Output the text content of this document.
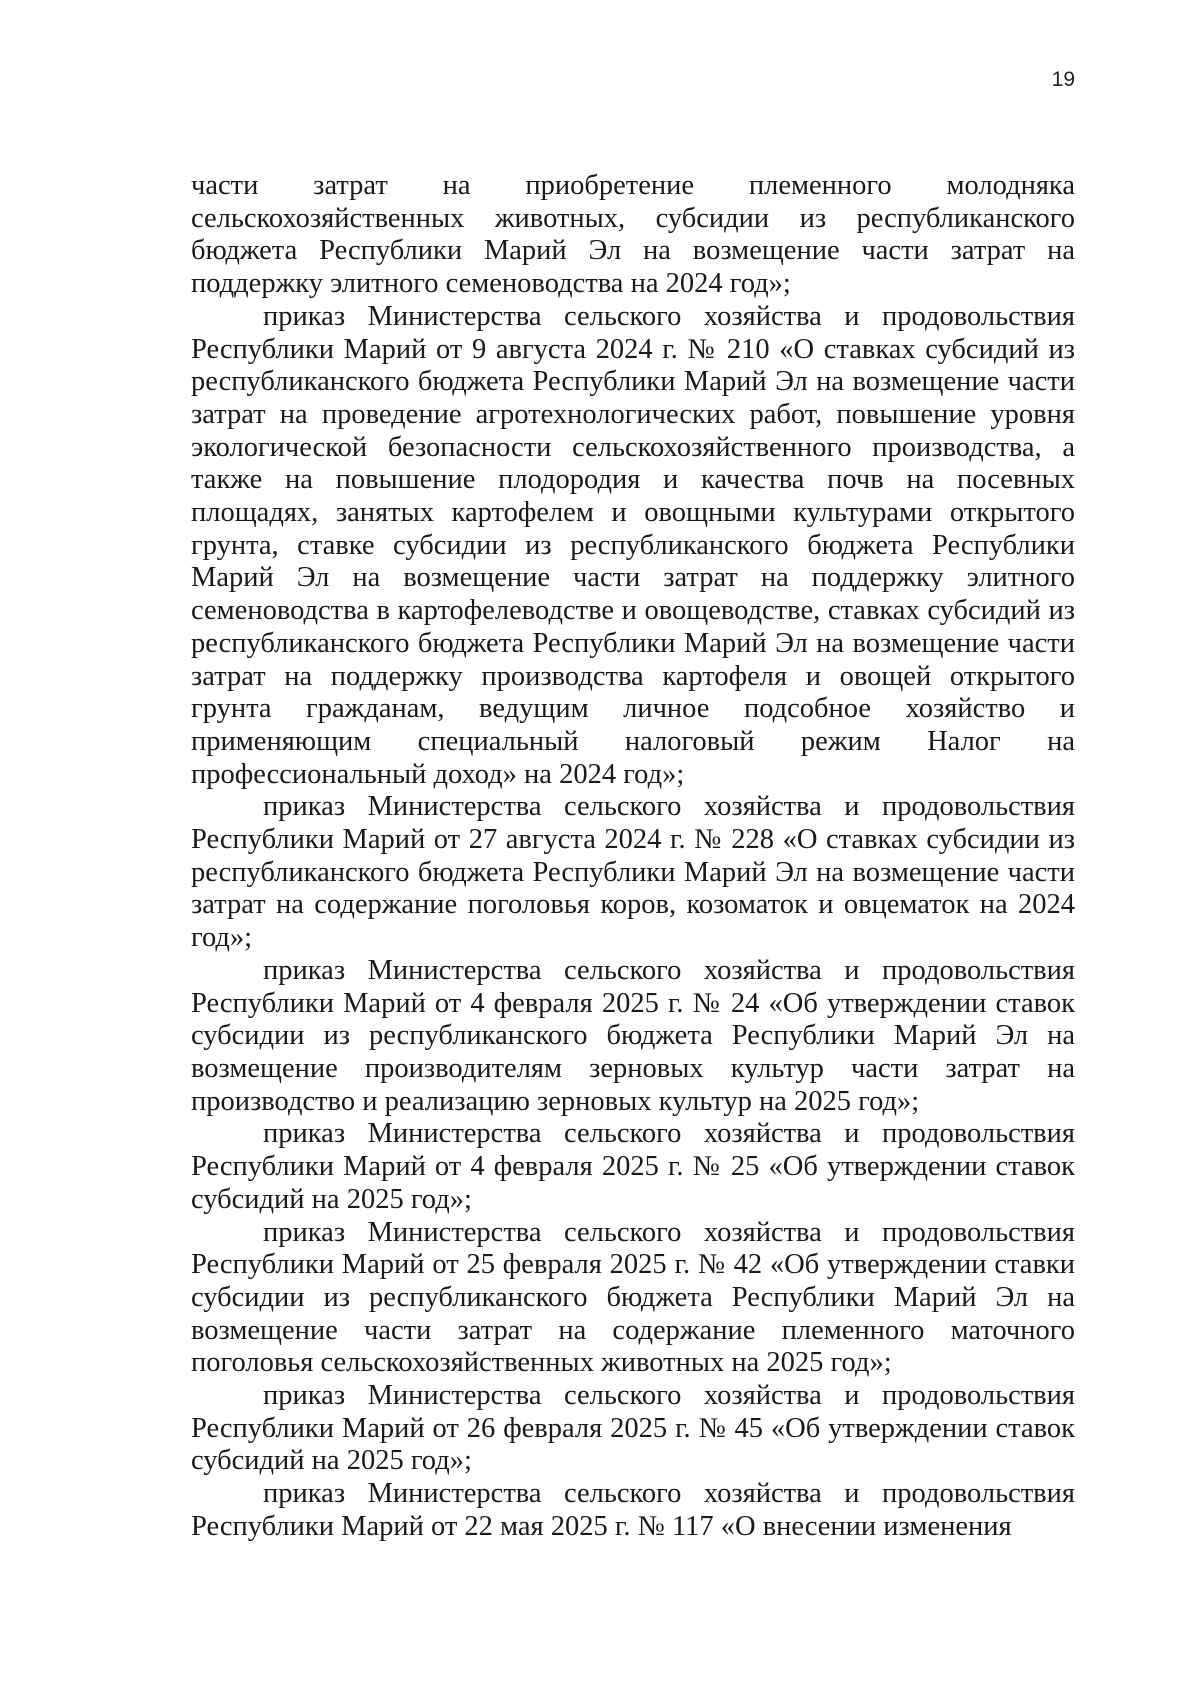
19

части затрат на приобретение племенного молодняка сельскохозяйственных животных, субсидии из республиканского бюджета Республики Марий Эл на возмещение части затрат на поддержку элитного семеноводства на 2024 год»;

приказ Министерства сельского хозяйства и продовольствия Республики Марий от 9 августа 2024 г. № 210 «О ставках субсидий из республиканского бюджета Республики Марий Эл на возмещение части затрат на проведение агротехнологических работ, повышение уровня экологической безопасности сельскохозяйственного производства, а также на повышение плодородия и качества почв на посевных площадях, занятых картофелем и овощными культурами открытого грунта, ставке субсидии из республиканского бюджета Республики Марий Эл на возмещение части затрат на поддержку элитного семеноводства в картофелеводстве и овощеводстве, ставках субсидий из республиканского бюджета Республики Марий Эл на возмещение части затрат на поддержку производства картофеля и овощей открытого грунта гражданам, ведущим личное подсобное хозяйство и применяющим специальный налоговый режим Налог на профессиональный доход» на 2024 год»;

приказ Министерства сельского хозяйства и продовольствия Республики Марий от 27 августа 2024 г. № 228 «О ставках субсидии из республиканского бюджета Республики Марий Эл на возмещение части затрат на содержание поголовья коров, козоматок и овцематок на 2024 год»;

приказ Министерства сельского хозяйства и продовольствия Республики Марий от 4 февраля 2025 г. № 24 «Об утверждении ставок субсидии из республиканского бюджета Республики Марий Эл на возмещение производителям зерновых культур части затрат на производство и реализацию зерновых культур на 2025 год»;

приказ Министерства сельского хозяйства и продовольствия Республики Марий от 4 февраля 2025 г. № 25 «Об утверждении ставок субсидий на 2025 год»;

приказ Министерства сельского хозяйства и продовольствия Республики Марий от 25 февраля 2025 г. № 42 «Об утверждении ставки субсидии из республиканского бюджета Республики Марий Эл на возмещение части затрат на содержание племенного маточного поголовья сельскохозяйственных животных на 2025 год»;

приказ Министерства сельского хозяйства и продовольствия Республики Марий от 26 февраля 2025 г. № 45 «Об утверждении ставок субсидий на 2025 год»;

приказ Министерства сельского хозяйства и продовольствия Республики Марий от 22 мая 2025 г. № 117 «О внесении изменения
